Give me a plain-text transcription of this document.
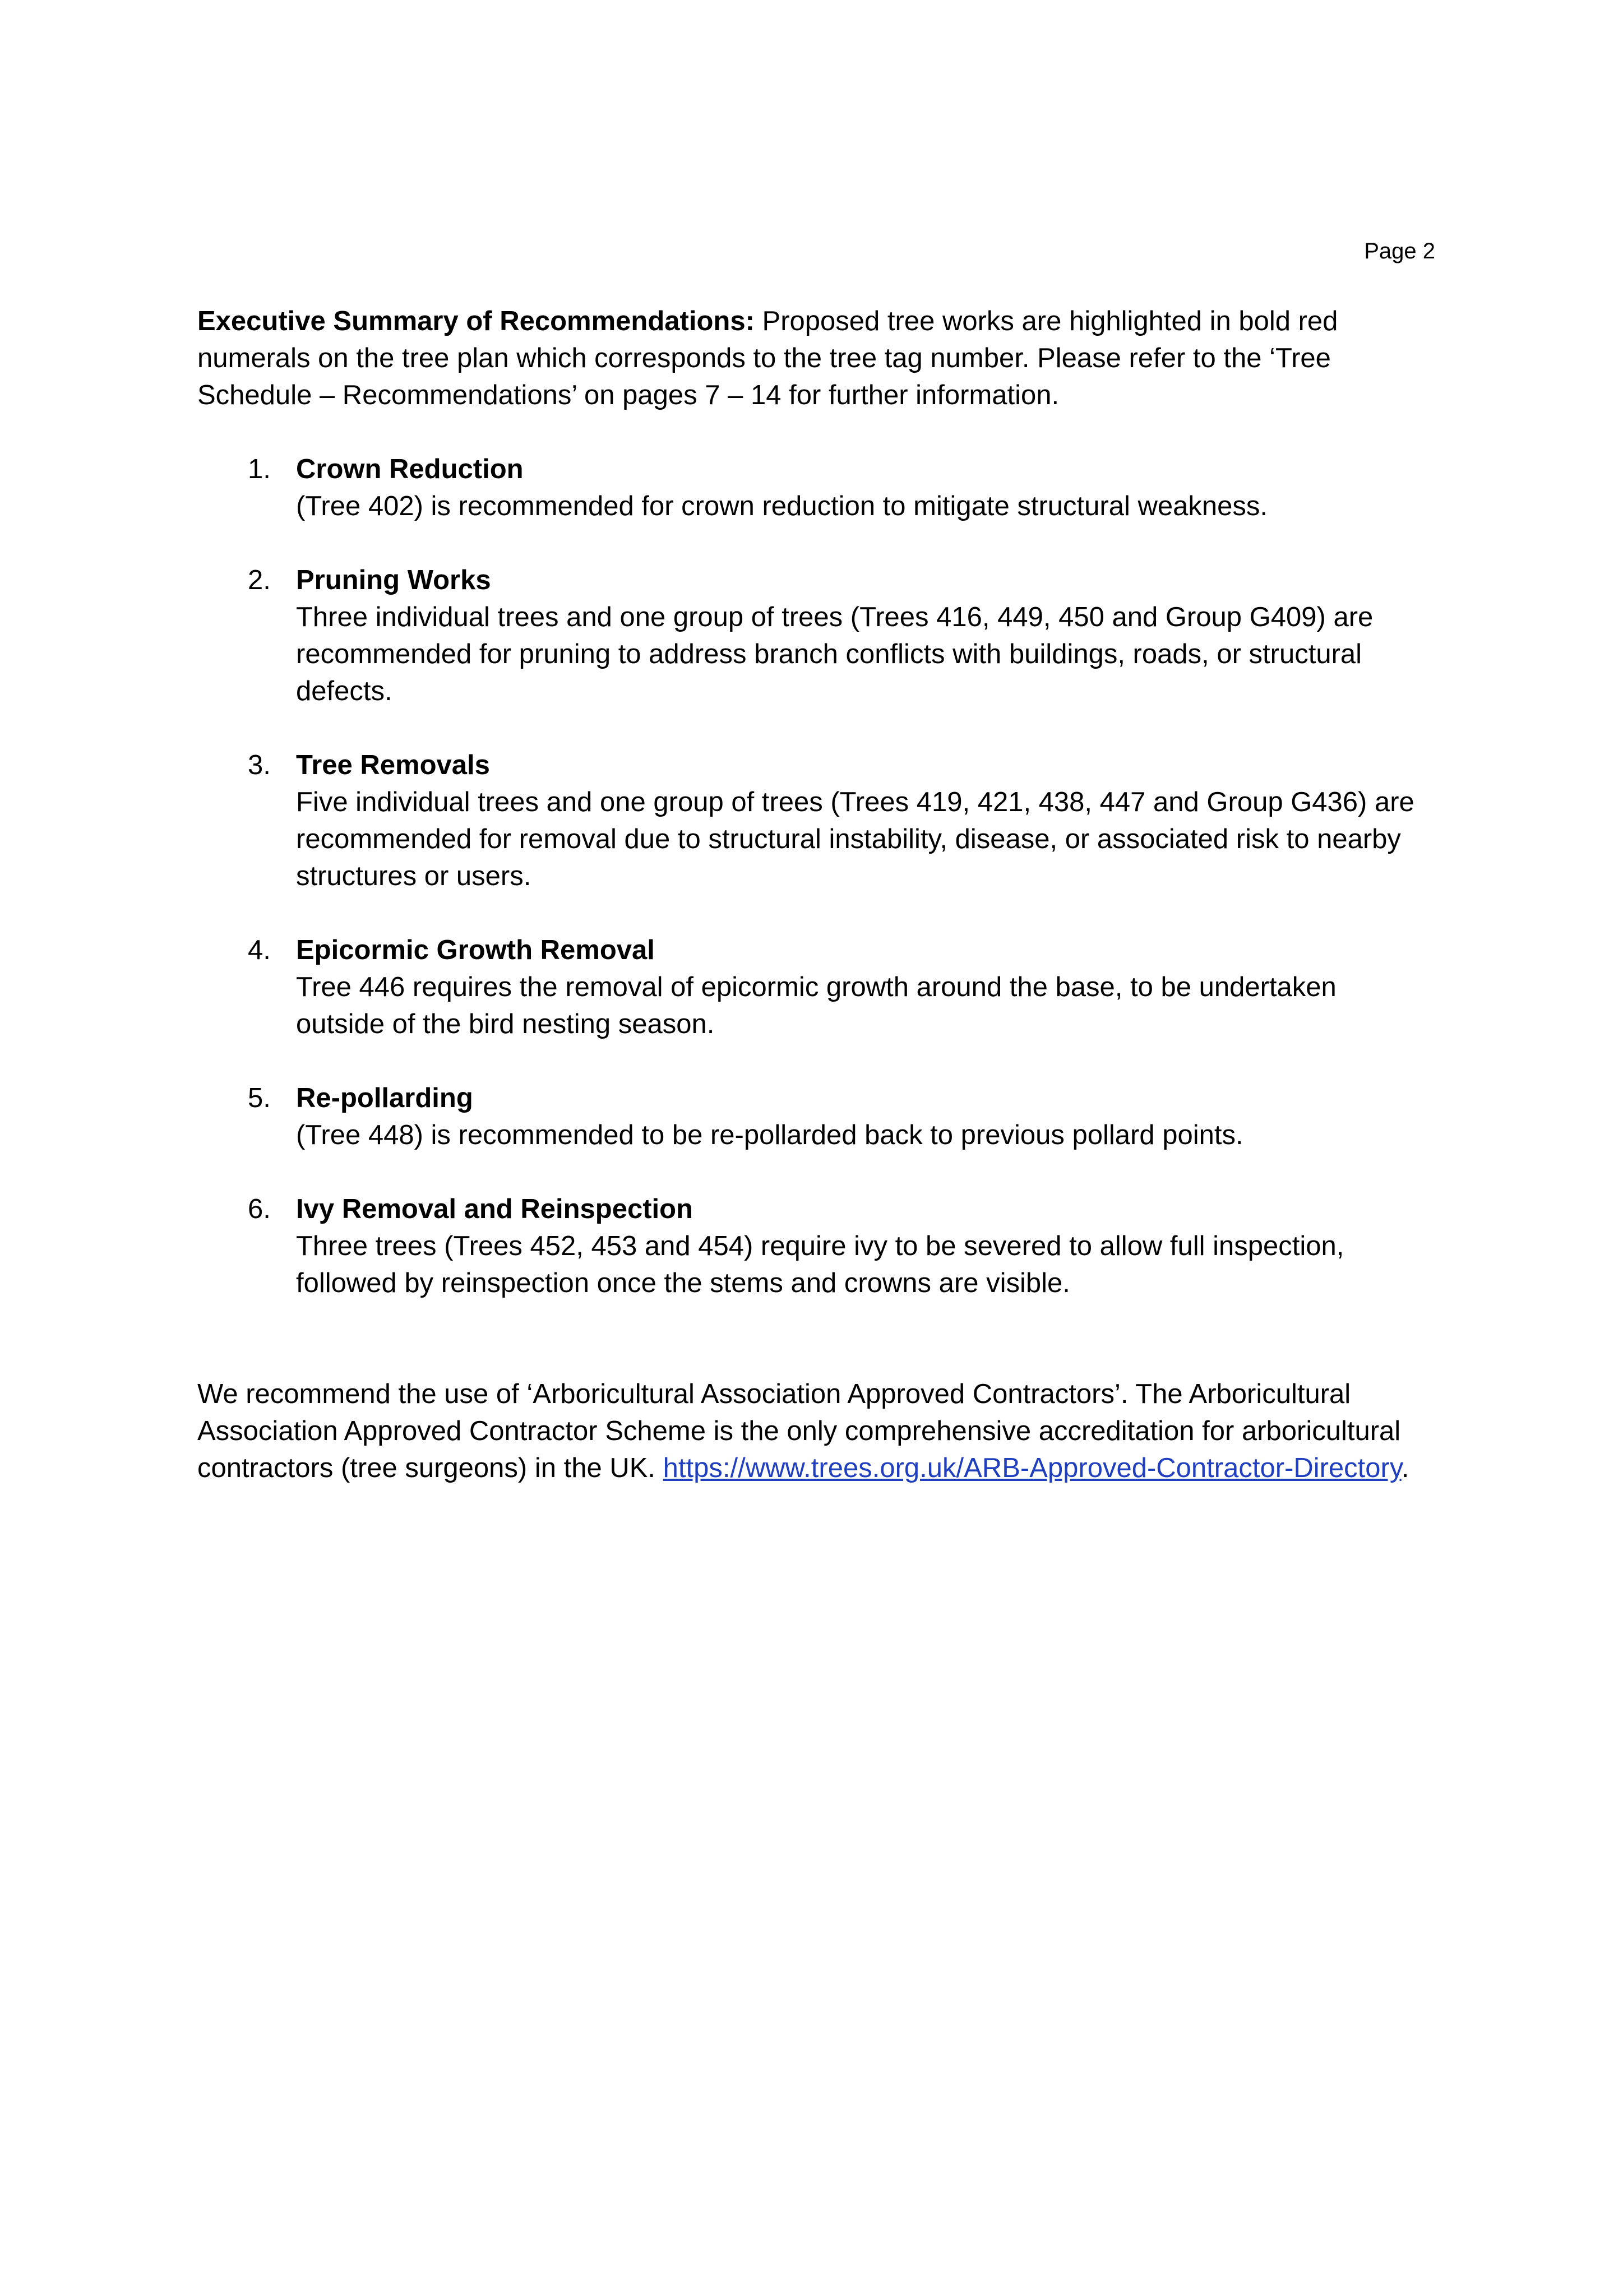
Page 2

Executive Summary of Recommendations: Proposed tree works are highlighted in bold red numerals on the tree plan which corresponds to the tree tag number. Please refer to the ‘Tree Schedule – Recommendations’ on pages 7 – 14 for further information.

1. Crown Reduction
(Tree 402) is recommended for crown reduction to mitigate structural weakness.
2. Pruning Works
Three individual trees and one group of trees (Trees 416, 449, 450 and Group G409) are recommended for pruning to address branch conflicts with buildings, roads, or structural defects.
3. Tree Removals
Five individual trees and one group of trees (Trees 419, 421, 438, 447 and Group G436) are recommended for removal due to structural instability, disease, or associated risk to nearby structures or users.
4. Epicormic Growth Removal
Tree 446 requires the removal of epicormic growth around the base, to be undertaken outside of the bird nesting season.
5. Re-pollarding
(Tree 448) is recommended to be re-pollarded back to previous pollard points.
6. Ivy Removal and Reinspection
Three trees (Trees 452, 453 and 454) require ivy to be severed to allow full inspection, followed by reinspection once the stems and crowns are visible.

We recommend the use of ‘Arboricultural Association Approved Contractors’. The Arboricultural Association Approved Contractor Scheme is the only comprehensive accreditation for arboricultural contractors (tree surgeons) in the UK. https://www.trees.org.uk/ARB-Approved-Contractor-Directory.
